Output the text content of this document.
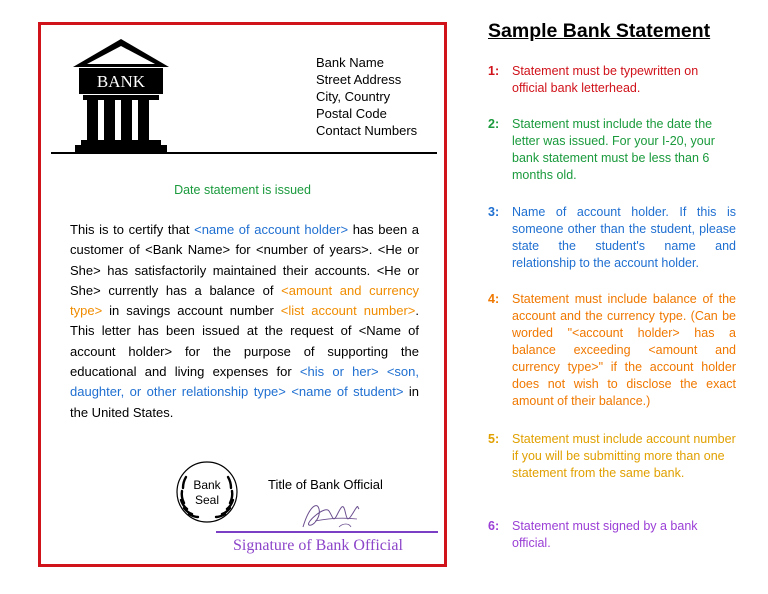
BANK
Bank Name
Street Address
City, Country
Postal Code
Contact Numbers
Date statement is issued
This is to certify that <name of account holder> has been a customer of <Bank Name> for <number of years>. <He or She> has satisfactorily maintained their accounts. <He or She> currently has a balance of <amount and currency type> in savings account number <list account number>. This letter has been issued at the request of <Name of account holder> for the purpose of supporting the educational and living expenses for <his or her> <son, daughter, or other relationship type> <name of student> in the United States.
Bank
Seal
Title of Bank Official
Signature of Bank Official
Sample Bank Statement
1: Statement must be typewritten on official bank letterhead.
2: Statement must include the date the letter was issued. For your I-20, your bank statement must be less than 6 months old.
3: Name of account holder. If this is someone other than the student, please state the student's name and relationship to the account holder.
4: Statement must include balance of the account and the currency type. (Can be worded "<account holder> has a balance exceeding <amount and currency type>" if the account holder does not wish to disclose the exact amount of their balance.)
5: Statement must include account number if you will be submitting more than one statement from the same bank.
6: Statement must signed by a bank official.
